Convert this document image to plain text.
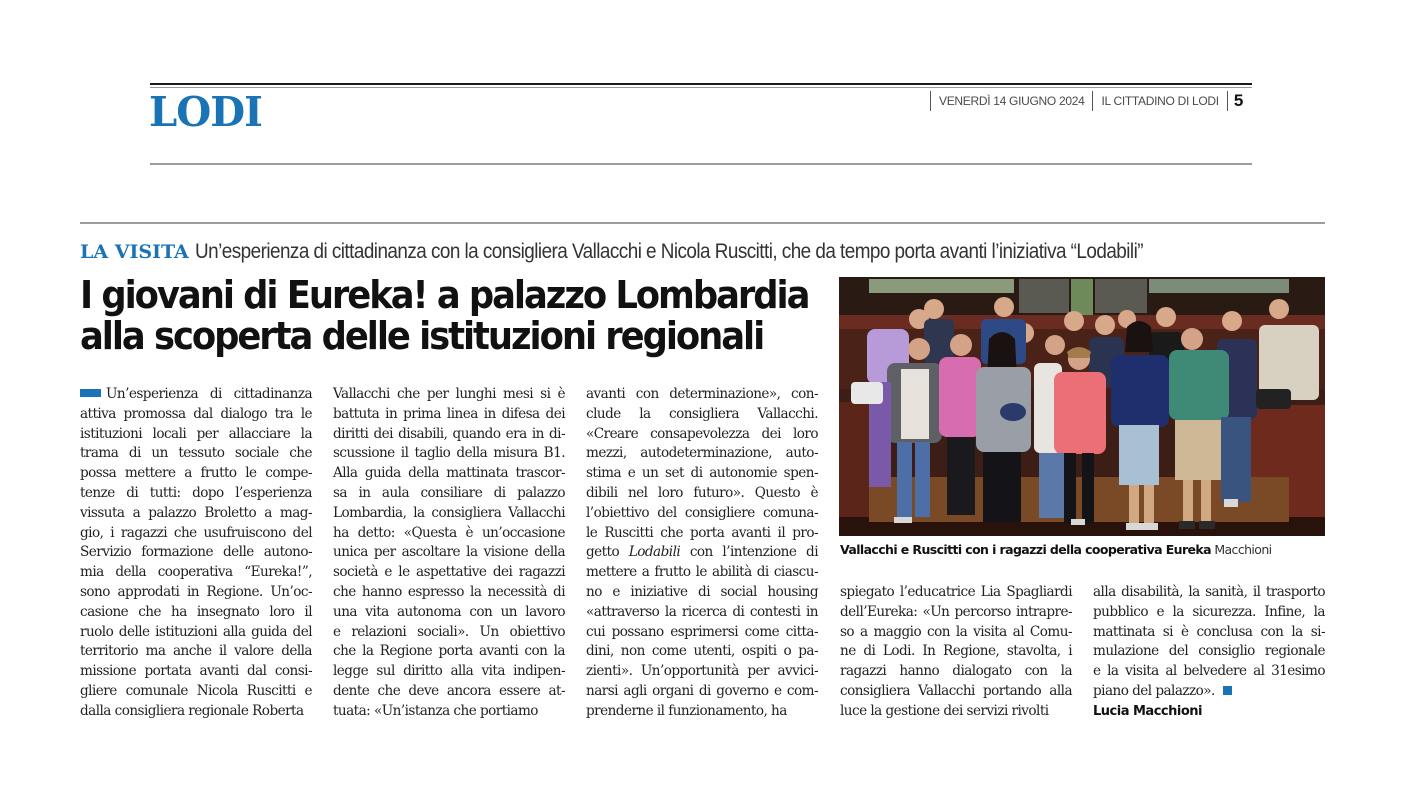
LODI	VENERDÌ 14 GIUGNO 2024	IL CITTADINO DI LODI 5
LA VISITA Un’esperienza di cittadinanza con la consigliera Vallacchi e Nicola Ruscitti, che da tempo porta avanti l’iniziativa “Lodabili”
I giovani di Eureka! a palazzo Lombardia
alla scoperta delle istituzioni regionali
Un’esperienza di cittadinanza
attiva promossa dal dialogo tra le
istituzioni locali per allacciare la
trama di un tessuto sociale che
possa mettere a frutto le compe-
tenze di tutti: dopo l’esperienza
vissuta a palazzo Broletto a mag-
gio, i ragazzi che usufruiscono del
Servizio formazione delle autono-
mia della cooperativa “Eureka!”,
sono approdati in Regione. Un’oc-
casione che ha insegnato loro il
ruolo delle istituzioni alla guida del
territorio ma anche il valore della
missione portata avanti dal consi-
gliere comunale Nicola Ruscitti e
dalla consigliera regionale Roberta
Vallacchi che per lunghi mesi si è
battuta in prima linea in difesa dei
diritti dei disabili, quando era in di-
scussione il taglio della misura B1.
Alla guida della mattinata trascor-
sa in aula consiliare di palazzo
Lombardia, la consigliera Vallacchi
ha detto: «Questa è un’occasione
unica per ascoltare la visione della
società e le aspettative dei ragazzi
che hanno espresso la necessità di
una vita autonoma con un lavoro
e relazioni sociali». Un obiettivo
che la Regione porta avanti con la
legge sul diritto alla vita indipen-
dente che deve ancora essere at-
tuata: «Un’istanza che portiamo
avanti con determinazione», con-
clude la consigliera Vallacchi.
«Creare consapevolezza dei loro
mezzi, autodeterminazione, auto-
stima e un set di autonomie spen-
dibili nel loro futuro». Questo è
l’obiettivo del consigliere comuna-
le Ruscitti che porta avanti il pro-
getto Lodabili con l’intenzione di
mettere a frutto le abilità di ciascu-
no e iniziative di social housing
«attraverso la ricerca di contesti in
cui possano esprimersi come citta-
dini, non come utenti, ospiti o pa-
zienti». Un’opportunità per avvici-
narsi agli organi di governo e com-
prenderne il funzionamento, ha
Vallacchi e Ruscitti con i ragazzi della cooperativa Eureka Macchioni
spiegato l’educatrice Lia Spagliardi
dell’Eureka: «Un percorso intrapre-
so a maggio con la visita al Comu-
ne di Lodi. In Regione, stavolta, i
ragazzi hanno dialogato con la
consigliera Vallacchi portando alla
luce la gestione dei servizi rivolti
alla disabilità, la sanità, il trasporto
pubblico e la sicurezza. Infine, la
mattinata si è conclusa con la si-
mulazione del consiglio regionale
e la visita al belvedere al 31esimo
piano del palazzo».
Lucia Macchioni
